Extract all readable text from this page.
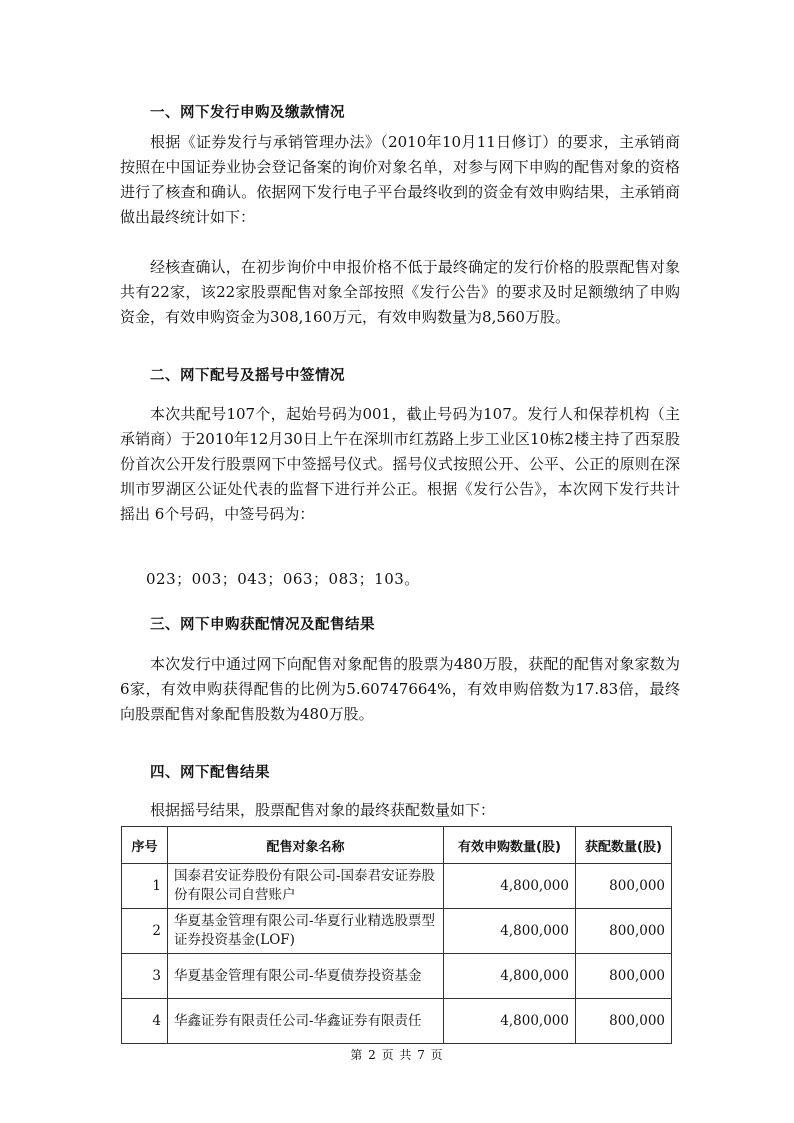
一、网下发行申购及缴款情况

根据《证券发行与承销管理办法》（2010年10月11日修订）的要求，主承销商按照在中国证券业协会登记备案的询价对象名单，对参与网下申购的配售对象的资格进行了核查和确认。依据网下发行电子平台最终收到的资金有效申购结果，主承销商做出最终统计如下：

经核查确认，在初步询价中申报价格不低于最终确定的发行价格的股票配售对象共有22家，该22家股票配售对象全部按照《发行公告》的要求及时足额缴纳了申购资金，有效申购资金为308,160万元，有效申购数量为8,560万股。

二、网下配号及摇号中签情况

本次共配号107个，起始号码为001，截止号码为107。发行人和保荐机构（主承销商）于2010年12月30日上午在深圳市红荔路上步工业区10栋2楼主持了西泵股份首次公开发行股票网下中签摇号仪式。摇号仪式按照公开、公平、公正的原则在深圳市罗湖区公证处代表的监督下进行并公正。根据《发行公告》，本次网下发行共计摇出 6个号码，中签号码为：

023；003；043；063；083；103。
三、网下申购获配情况及配售结果

本次发行中通过网下向配售对象配售的股票为480万股，获配的配售对象家数为6家，有效申购获得配售的比例为5.60747664%，有效申购倍数为17.83倍，最终向股票配售对象配售股数为480万股。

四、网下配售结果

根据摇号结果，股票配售对象的最终获配数量如下：

序号	配售对象名称	有效申购数量(股)	获配数量(股)
1	国泰君安证券股份有限公司-国泰君安证券股份有限公司自营账户	4,800,000	800,000
2	华夏基金管理有限公司-华夏行业精选股票型证券投资基金(LOF)	4,800,000	800,000
3	华夏基金管理有限公司-华夏债券投资基金	4,800,000	800,000
4	华鑫证券有限责任公司-华鑫证券有限责任	4,800,000	800,000
第 2 页 共 7 页
